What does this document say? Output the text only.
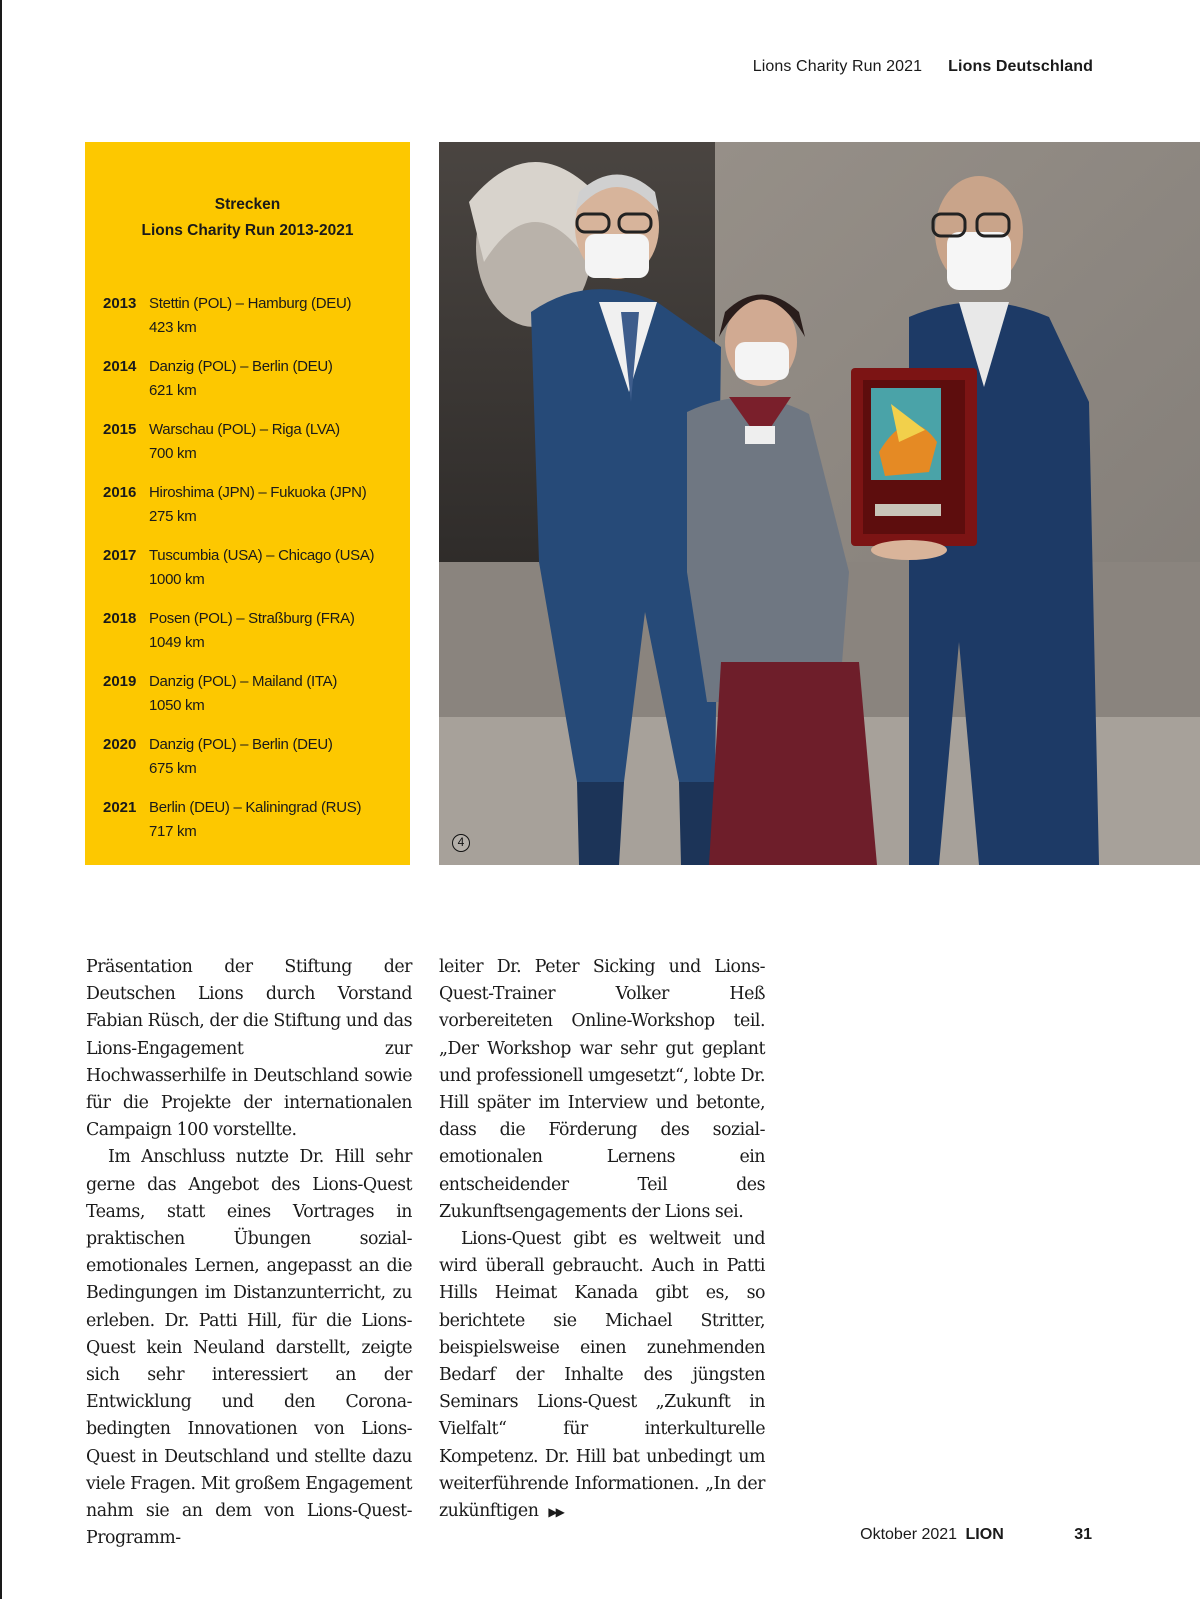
Lions Charity Run 2021 Lions Deutschland
Strecken
Lions Charity Run 2013-2021
2013 Stettin (POL) – Hamburg (DEU)
423 km
2014 Danzig (POL) – Berlin (DEU)
621 km
2015 Warschau (POL) – Riga (LVA)
700 km
2016 Hiroshima (JPN) – Fukuoka (JPN)
275 km
2017 Tuscumbia (USA) – Chicago (USA)
1000 km
2018 Posen (POL) – Straßburg (FRA)
1049 km
2019 Danzig (POL) – Mailand (ITA)
1050 km
2020 Danzig (POL) – Berlin (DEU)
675 km
2021 Berlin (DEU) – Kaliningrad (RUS)
717 km
4

Präsentation der Stiftung der Deutschen Lions durch Vorstand Fabian Rüsch, der die Stiftung und das Lions-Engagement zur Hochwasserhilfe in Deutschland sowie für die Projekte der internationalen Campaign 100 vorstellte.

Im Anschluss nutzte Dr. Hill sehr gerne das Angebot des Lions-Quest Teams, statt eines Vortrages in praktischen Übungen sozial-emotionales Lernen, angepasst an die Bedingungen im Distanzunterricht, zu erleben. Dr. Patti Hill, für die Lions-Quest kein Neuland darstellt, zeigte sich sehr interessiert an der Entwicklung und den Corona-bedingten Innovationen von Lions-Quest in Deutschland und stellte dazu viele Fragen. Mit großem Engagement nahm sie an dem von Lions-Quest-Programm-

leiter Dr. Peter Sicking und Lions-Quest-Trainer Volker Heß vorbereiteten Online-Workshop teil. „Der Workshop war sehr gut geplant und professionell umgesetzt“, lobte Dr. Hill später im Interview und betonte, dass die Förderung des sozial-emotionalen Lernens ein entscheidender Teil des Zukunftsengagements der Lions sei.

Lions-Quest gibt es weltweit und wird überall gebraucht. Auch in Patti Hills Heimat Kanada gibt es, so berichtete sie Michael Stritter, beispielsweise einen zunehmenden Bedarf der Inhalte des jüngsten Seminars Lions-Quest „Zukunft in Vielfalt“ für interkulturelle Kompetenz. Dr. Hill bat unbedingt um weiterführende Informationen. „In der zukünftigen ▶▶

Oktober 2021 LION	31
